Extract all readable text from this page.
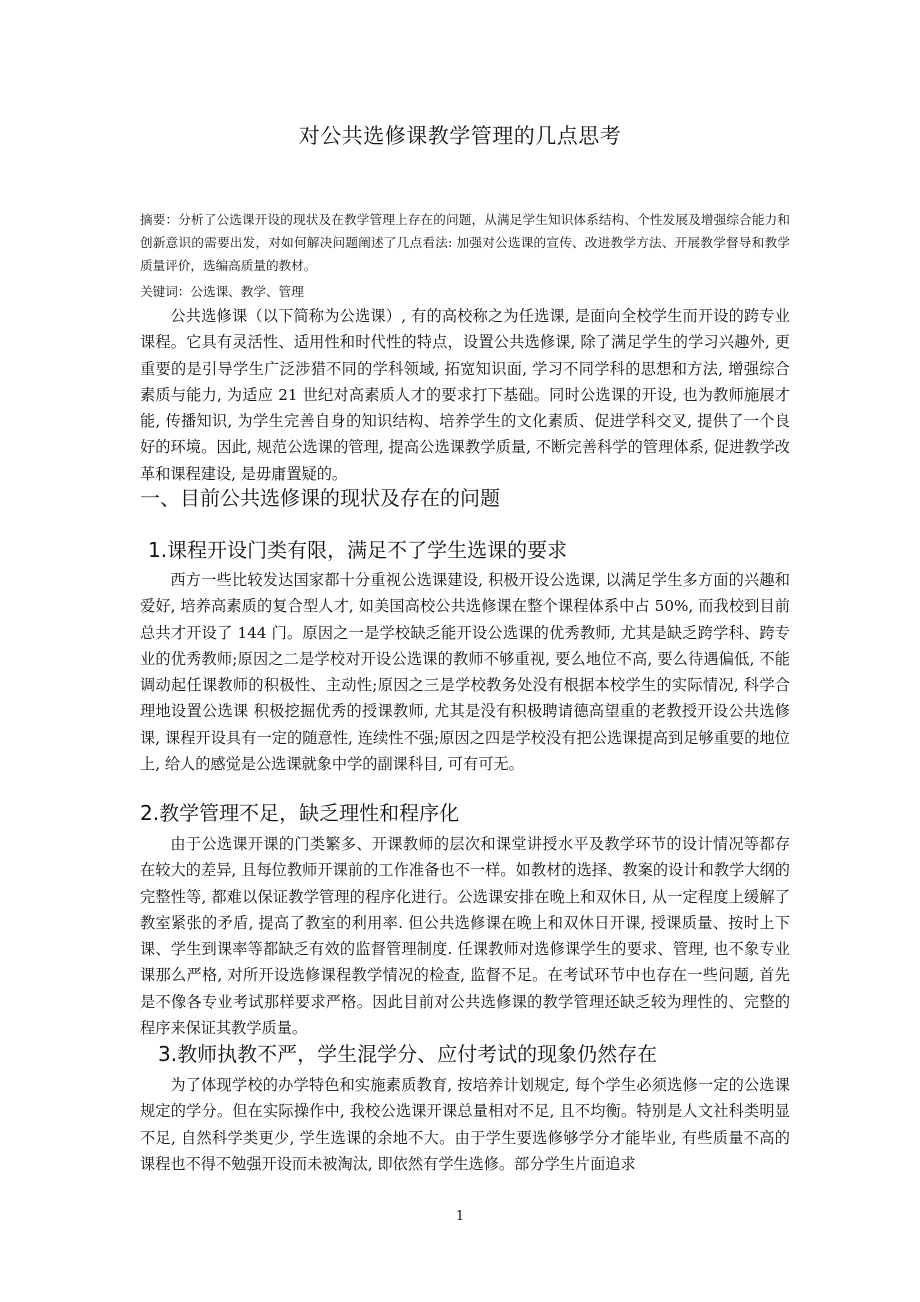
对公共选修课教学管理的几点思考
摘要：分析了公选课开设的现状及在教学管理上存在的问题，从满足学生知识体系结构、个性发展及增强综合能力和创新意识的需要出发，对如何解决问题阐述了几点看法: 加强对公选课的宣传、改进教学方法、开展教学督导和教学质量评价，选编高质量的教材。
关键词：公选课、教学、管理
公共选修课（以下简称为公选课）, 有的高校称之为任选课, 是面向全校学生而开设的跨专业课程。它具有灵活性、适用性和时代性的特点，设置公共选修课, 除了满足学生的学习兴趣外, 更重要的是引导学生广泛涉猎不同的学科领域, 拓宽知识面, 学习不同学科的思想和方法, 增强综合素质与能力, 为适应 21 世纪对高素质人才的要求打下基础。同时公选课的开设, 也为教师施展才能, 传播知识, 为学生完善自身的知识结构、培养学生的文化素质、促进学科交叉, 提供了一个良好的环境。因此, 规范公选课的管理, 提高公选课教学质量, 不断完善科学的管理体系, 促进教学改革和课程建设, 是毋庸置疑的。
一、目前公共选修课的现状及存在的问题
1.课程开设门类有限，满足不了学生选课的要求
西方一些比较发达国家都十分重视公选课建设, 积极开设公选课, 以满足学生多方面的兴趣和爱好, 培养高素质的复合型人才, 如美国高校公共选修课在整个课程体系中占 50%, 而我校到目前总共才开设了 144 门。原因之一是学校缺乏能开设公选课的优秀教师, 尤其是缺乏跨学科、跨专业的优秀教师;原因之二是学校对开设公选课的教师不够重视, 要么地位不高, 要么待遇偏低, 不能调动起任课教师的积极性、主动性;原因之三是学校教务处没有根据本校学生的实际情况, 科学合理地设置公选课 积极挖掘优秀的授课教师, 尤其是没有积极聘请德高望重的老教授开设公共选修课, 课程开设具有一定的随意性, 连续性不强;原因之四是学校没有把公选课提高到足够重要的地位上, 给人的感觉是公选课就象中学的副课科目, 可有可无。
2.教学管理不足，缺乏理性和程序化
由于公选课开课的门类繁多、开课教师的层次和课堂讲授水平及教学环节的设计情况等都存在较大的差异, 且每位教师开课前的工作准备也不一样。如教材的选择、教案的设计和教学大纲的完整性等, 都难以保证教学管理的程序化进行。公选课安排在晚上和双休日, 从一定程度上缓解了教室紧张的矛盾, 提高了教室的利用率. 但公共选修课在晚上和双休日开课, 授课质量、按时上下课、学生到课率等都缺乏有效的监督管理制度. 任课教师对选修课学生的要求、管理, 也不象专业课那么严格, 对所开设选修课程教学情况的检查, 监督不足。在考试环节中也存在一些问题, 首先是不像各专业考试那样要求严格。因此目前对公共选修课的教学管理还缺乏较为理性的、完整的程序来保证其教学质量。
3.教师执教不严，学生混学分、应付考试的现象仍然存在
为了体现学校的办学特色和实施素质教育, 按培养计划规定, 每个学生必须选修一定的公选课规定的学分。但在实际操作中, 我校公选课开课总量相对不足, 且不均衡。特别是人文社科类明显不足, 自然科学类更少, 学生选课的余地不大。由于学生要选修够学分才能毕业, 有些质量不高的课程也不得不勉强开设而未被淘汰, 即依然有学生选修。部分学生片面追求
1
